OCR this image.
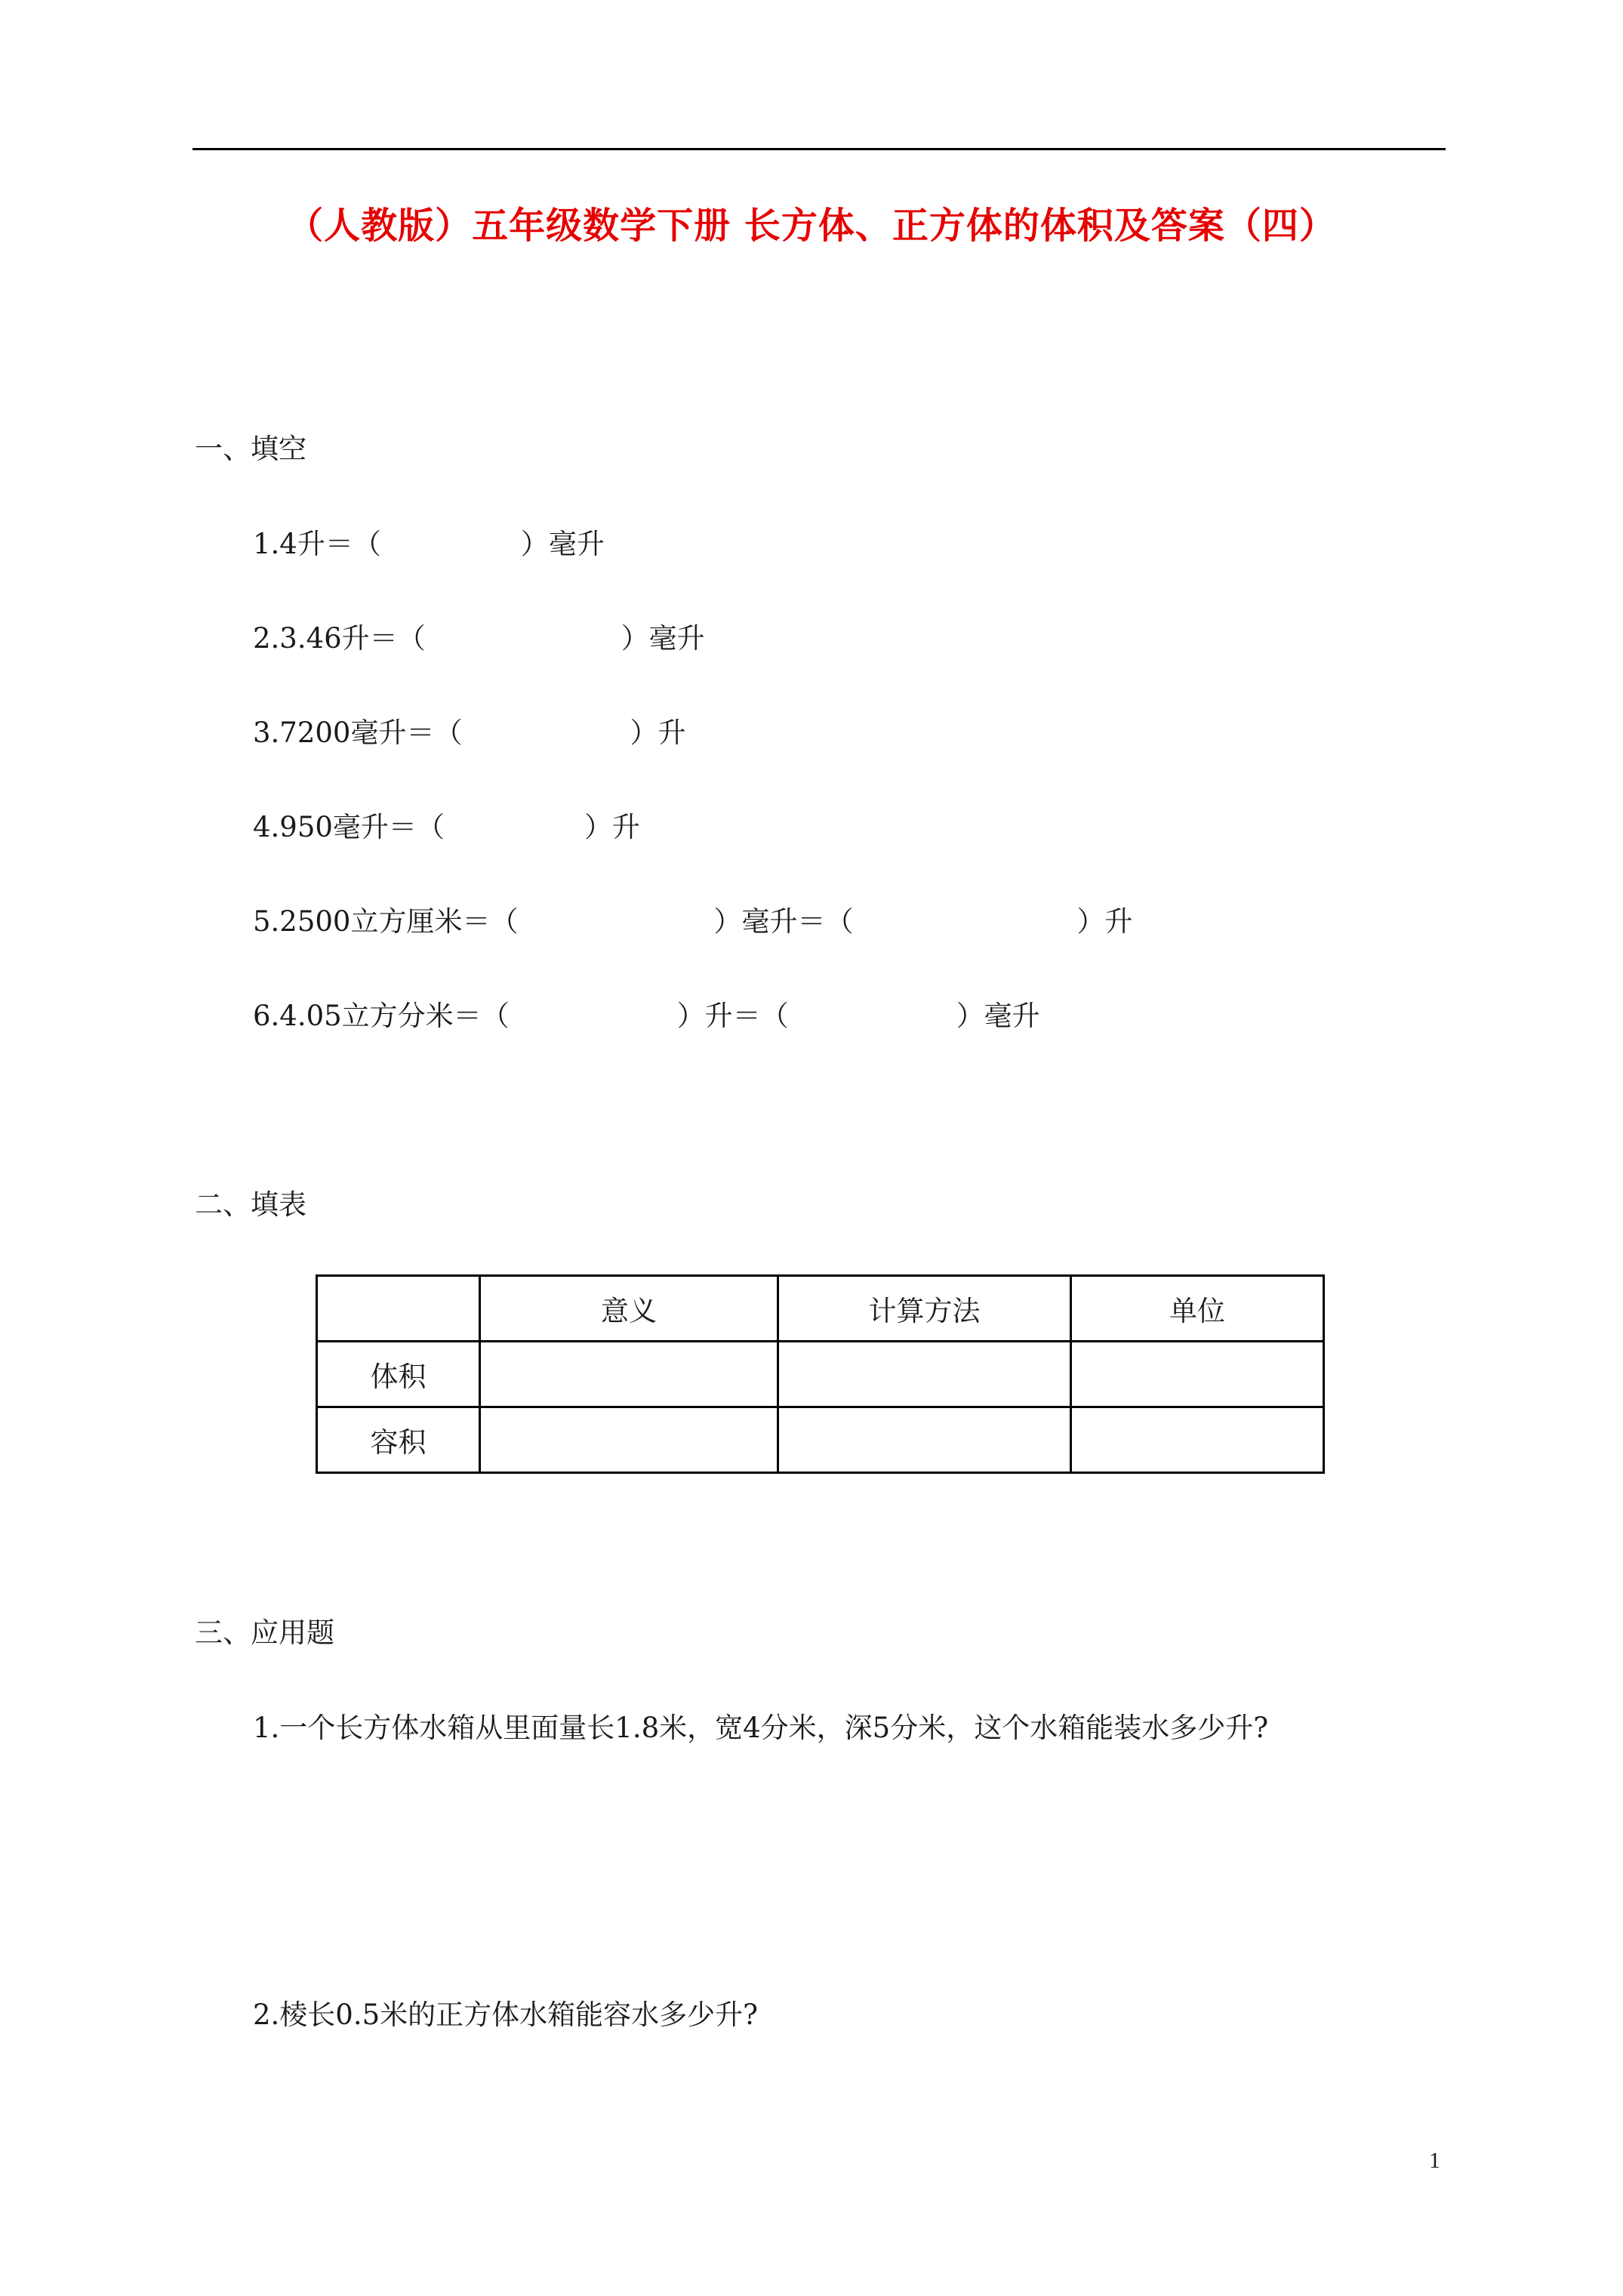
（人教版）五年级数学下册 长方体、正方体的体积及答案（四）
一、填空
1.4升＝（　　　　　	）毫升
2.3.46升＝（　　　　　　　	）毫升
3.7200毫升＝（　　　　　　	）升
4.950毫升＝（　　　　　	）升
5.2500立方厘米＝（　　　　　　　	）毫升＝（　　　　　　　　	）升
6.4.05立方分米＝（　　　　　　	）升＝（　　　　　　	）毫升
二、填表
	意义	计算方法	单位
体积			
容积			
三、应用题
1.一个长方体水箱从里面量长1.8米，宽4分米，深5分米，这个水箱能装水多少升?
2.棱长0.5米的正方体水箱能容水多少升?
1
